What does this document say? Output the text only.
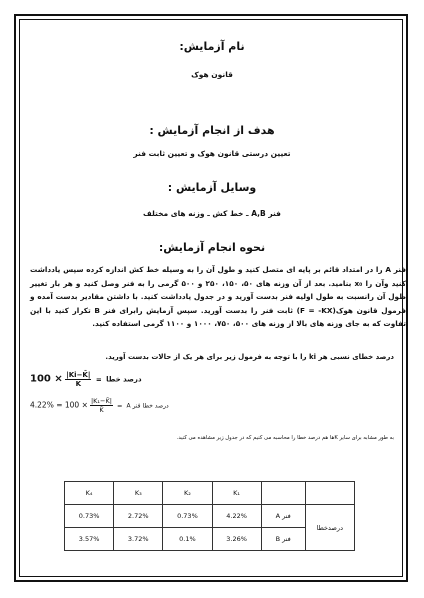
نام آزمایش:
قانون هوک
هدف از انجام آزمایش :
تعیین درستی قانون هوک و تعیین ثابت فنر
وسایل آزمایش :
فنر A,B ـ خط کش ـ وزنه های مختلف
نحوه انجام آزمایش:
فنر A را در امتداد قائم بر پایه ای متصل کنید و طول آن را به وسیله خط کش اندازه کرده سپس یادداشت کنید وآن را x₀ بنامید. بعد از آن وزنه های ۵۰، ۱۵۰، ۲۵۰ و ۵۰۰ گرمی را به فنر وصل کنید و هر بار تغییر طول آن رانسبت به طول اولیه فنر بدست آورید و در جدول یادداشت کنید. با داشتن مقادیر بدست آمده و فرمول قانون هوک(F = -KX) ثابت فنر را بدست آورید. سپس آزمایش رابرای فنر B تکرار کنید با این تفاوت که به جای وزنه های بالا از وزنه های ۵۰۰، ۷۵۰، ۱۰۰۰ و ۱۱۰۰ گرمی استفاده کنید.
درصد خطای نسبی هر ki را با توجه به فرمول زیر برای هر یک از حالات بدست آورید.
درصد خطا =
$\frac{|Ki-K̄|}{K̄}$
× 100
درصد خطا فنر A =
$\frac{\text{|K₁−K̄|}}{K̄}$
× 100 = 4.22%
به طور مشابه برای سایر Kها هم درصد خطا را محاسبه می کنیم که در جدول زیر مشاهده می کنید.
K₄	K₃	K₂	K₁		
0.73%	2.72%	0.73%	4.22%	فنر A	درصدخطا
3.57%	3.72%	0.1%	3.26%	فنر B	
